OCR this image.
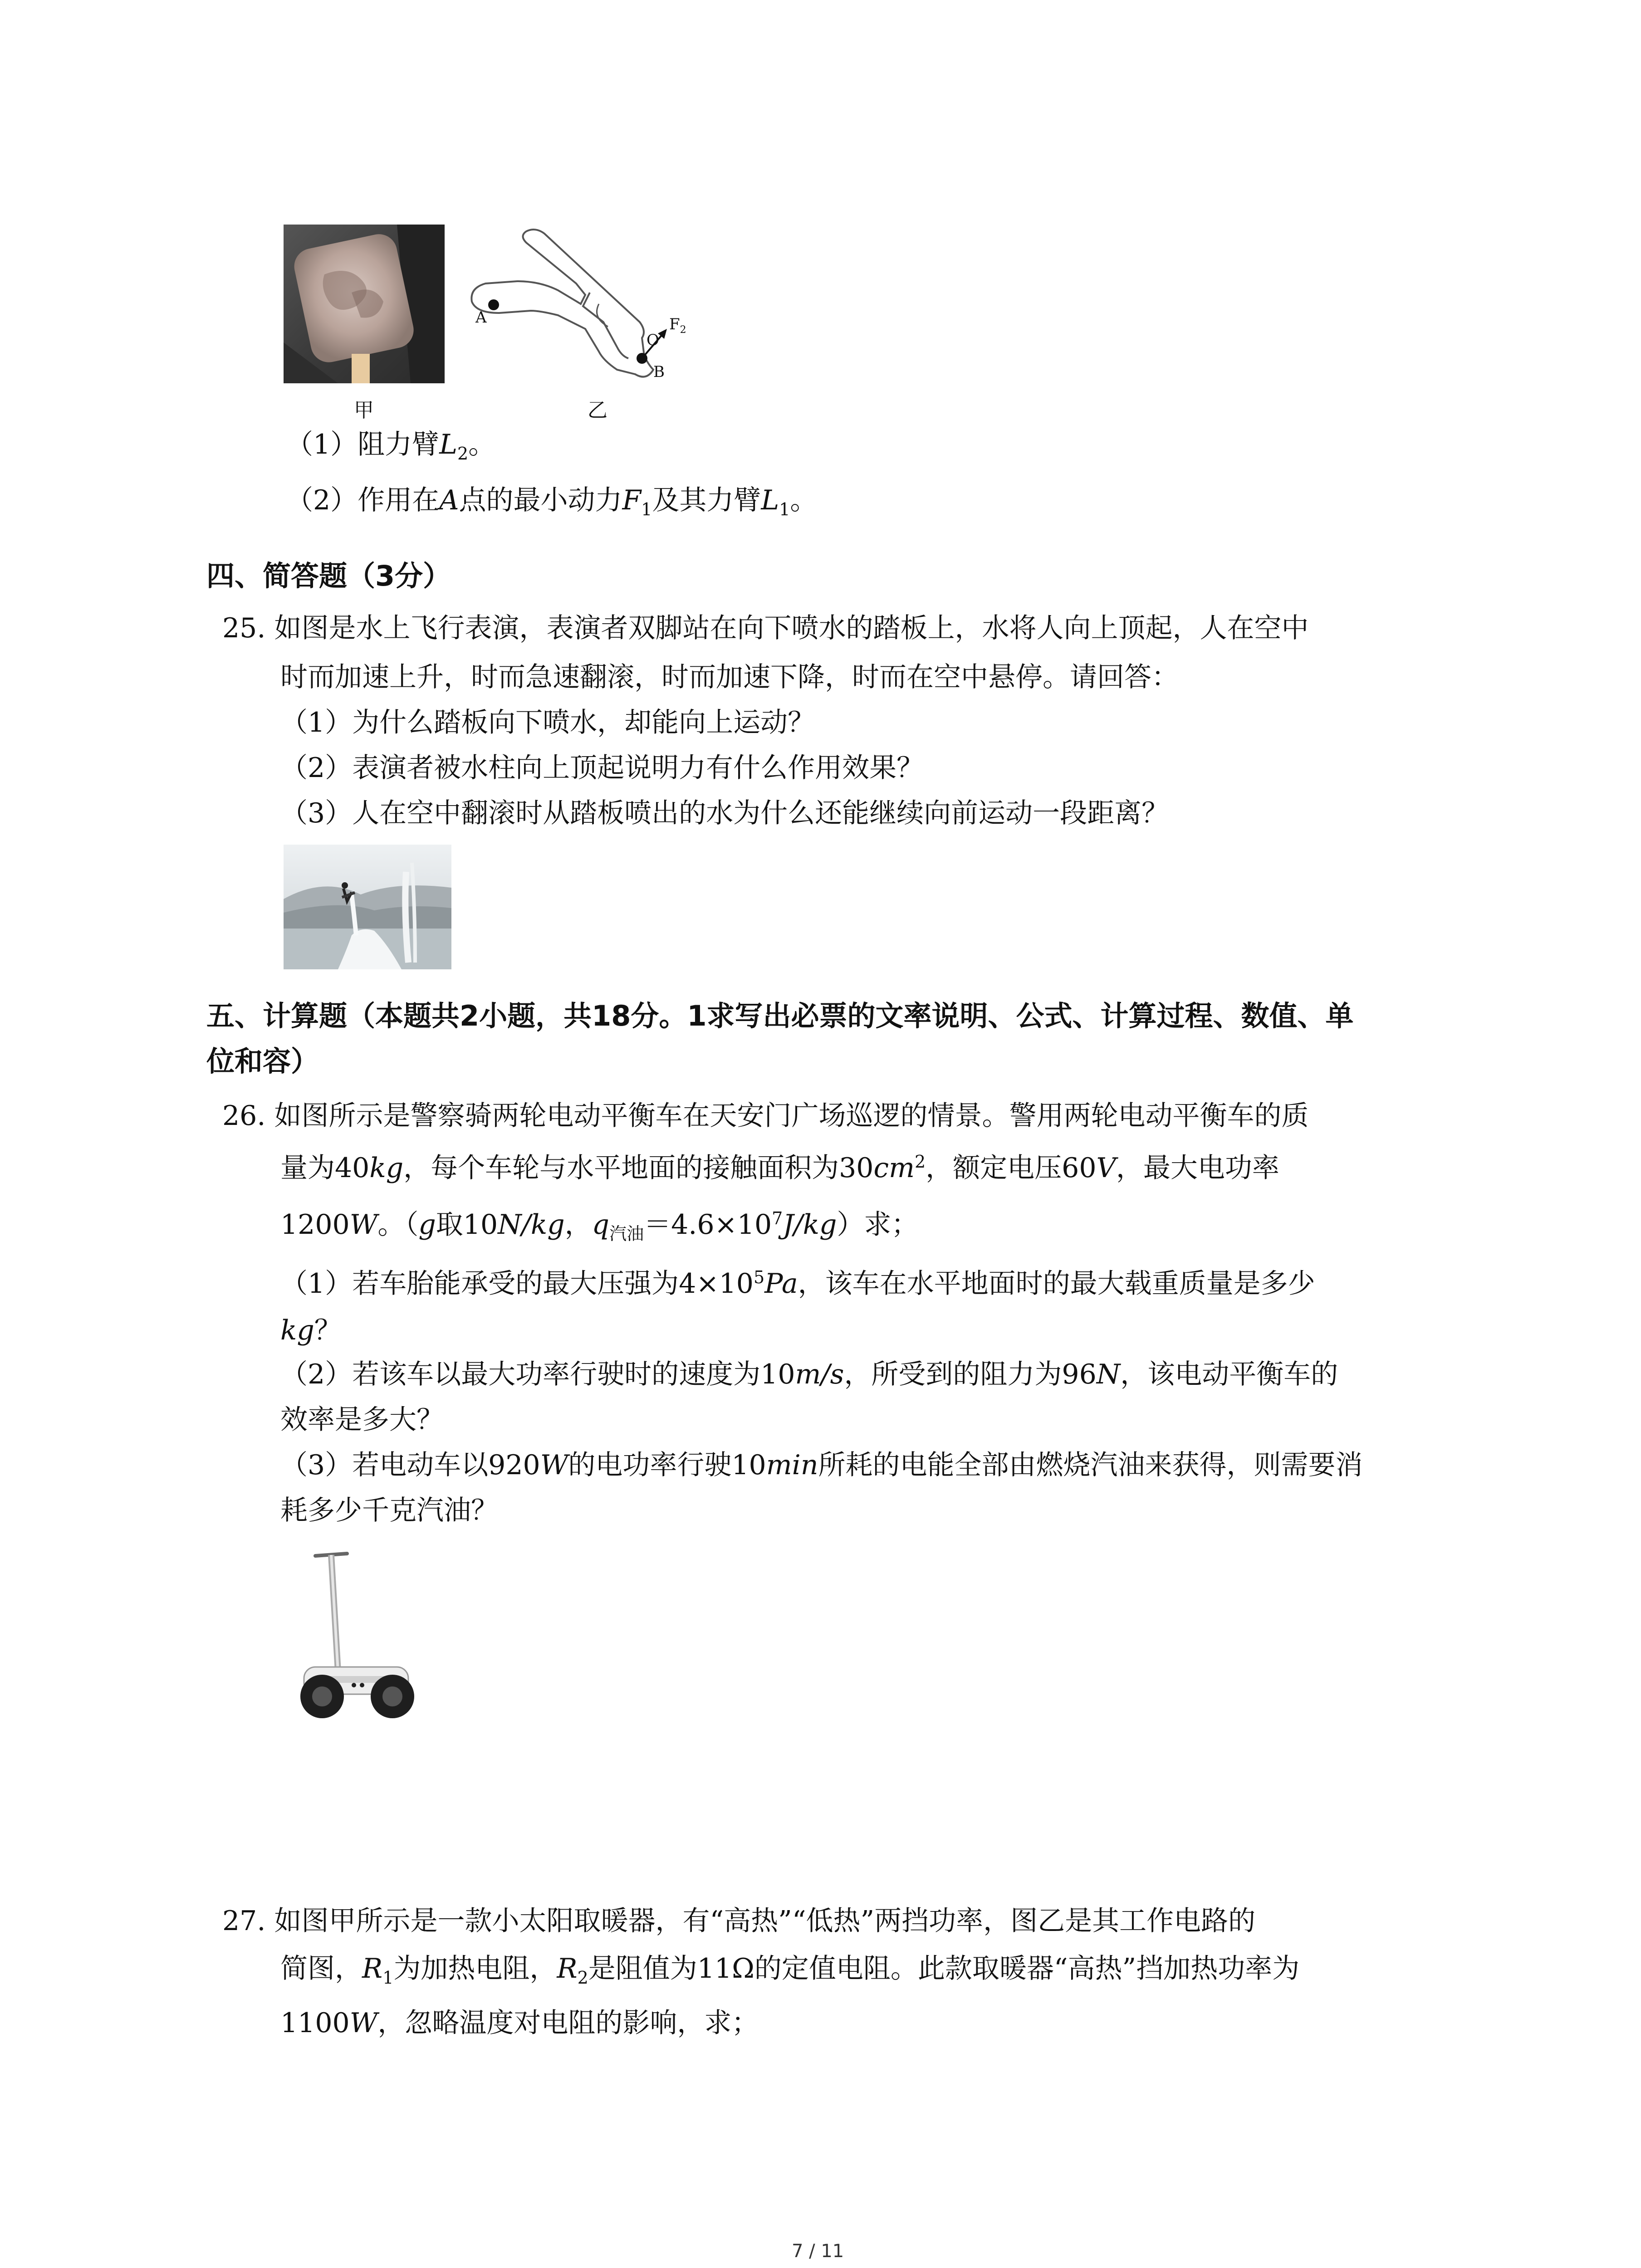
甲
A
O
B
$F_2$
乙
（1）阻力臂$L_2$。
（2）作用在A点的最小动力$F_1$及其力臂$L_1$。
四、简答题（3分）
25. 如图是水上飞行表演，表演者双脚站在向下喷水的踏板上，水将人向上顶起，人在空中
时而加速上升，时而急速翻滚，时而加速下降，时而在空中悬停。请回答：
（1）为什么踏板向下喷水，却能向上运动？
（2）表演者被水柱向上顶起说明力有什么作用效果？
（3）人在空中翻滚时从踏板喷出的水为什么还能继续向前运动一段距离？
五、计算题（本题共2小题，共18分。1求写出必票的文率说明、公式、计算过程、数值、单
位和容）
26. 如图所示是警察骑两轮电动平衡车在天安门广场巡逻的情景。警用两轮电动平衡车的质
量为40kg，每个车轮与水平地面的接触面积为$30cm^2$，额定电压60V，最大电功率
1200W。（g取10N/kg，$q_{汽油}=4.6\times 10^7J/kg$）求；
（1）若车胎能承受的最大压强为$4\times 10^5Pa$，该车在水平地面时的最大载重质量是多少
kg？
（2）若该车以最大功率行驶时的速度为10m/s，所受到的阻力为96N，该电动平衡车的
效率是多大？
（3）若电动车以920W的电功率行驶10min所耗的电能全部由燃烧汽油来获得，则需要消
耗多少千克汽油？
27. 如图甲所示是一款小太阳取暖器，有“高热”“低热”两挡功率，图乙是其工作电路的
简图，$R_1$为加热电阻，$R_2$是阻值为11Ω的定值电阻。此款取暖器“高热”挡加热功率为
1100W，忽略温度对电阻的影响，求；
7 / 11
